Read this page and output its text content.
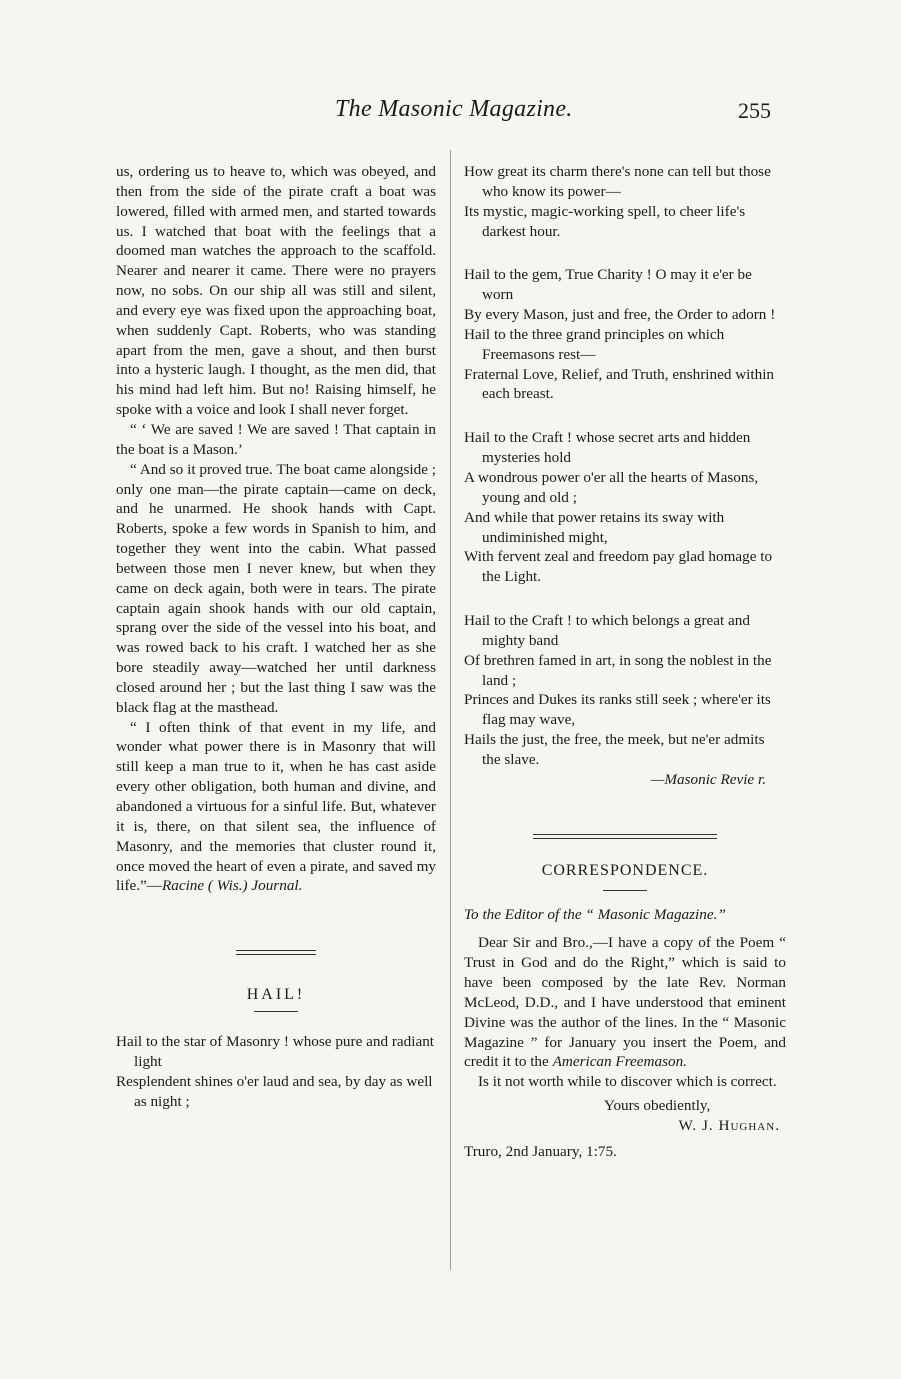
The Masonic Magazine.	255

us, ordering us to heave to, which was obeyed, and then from the side of the pirate craft a boat was lowered, filled with armed men, and started towards us. I watched that boat with the feelings that a doomed man watches the approach to the scaffold. Nearer and nearer it came. There were no prayers now, no sobs. On our ship all was still and silent, and every eye was fixed upon the approaching boat, when suddenly Capt. Roberts, who was standing apart from the men, gave a shout, and then burst into a hysteric laugh. I thought, as the men did, that his mind had left him. But no! Raising himself, he spoke with a voice and look I shall never forget.

“ ‘ We are saved ! We are saved ! That captain in the boat is a Mason.’

“ And so it proved true. The boat came alongside ; only one man—the pirate captain—came on deck, and he unarmed. He shook hands with Capt. Roberts, spoke a few words in Spanish to him, and together they went into the cabin. What passed between those men I never knew, but when they came on deck again, both were in tears. The pirate captain again shook hands with our old captain, sprang over the side of the vessel into his boat, and was rowed back to his craft. I watched her as she bore steadily away—watched her until darkness closed around her ; but the last thing I saw was the black flag at the masthead.

“ I often think of that event in my life, and wonder what power there is in Masonry that will still keep a man true to it, when he has cast aside every other obligation, both human and divine, and abandoned a virtuous for a sinful life. But, whatever it is, there, on that silent sea, the influence of Masonry, and the memories that cluster round it, once moved the heart of even a pirate, and saved my life.”—Racine ( Wis.) Journal.

HAIL!

Hail to the star of Masonry ! whose pure and radiant light

Resplendent shines o'er laud and sea, by day as well as night ;

How great its charm there's none can tell but those who know its power—

Its mystic, magic-working spell, to cheer life's darkest hour.

Hail to the gem, True Charity ! O may it e'er be worn

By every Mason, just and free, the Order to adorn !

Hail to the three grand principles on which Freemasons rest—

Fraternal Love, Relief, and Truth, enshrined within each breast.

Hail to the Craft ! whose secret arts and hidden mysteries hold

A wondrous power o'er all the hearts of Masons, young and old ;

And while that power retains its sway with undiminished might,

With fervent zeal and freedom pay glad homage to the Light.

Hail to the Craft ! to which belongs a great and mighty band

Of brethren famed in art, in song the noblest in the land ;

Princes and Dukes its ranks still seek ; where'er its flag may wave,

Hails the just, the free, the meek, but ne'er admits the slave.

—Masonic Revie r.

CORRESPONDENCE.

To the Editor of the “ Masonic Magazine.”

Dear Sir and Bro.,—I have a copy of the Poem “ Trust in God and do the Right,” which is said to have been composed by the late Rev. Norman McLeod, D.D., and I have understood that eminent Divine was the author of the lines. In the “ Masonic Magazine ” for January you insert the Poem, and credit it to the American Freemason.

Is it not worth while to discover which is correct.

Yours obediently,

W. J. Hughan.

Truro, 2nd January, 1:75.
